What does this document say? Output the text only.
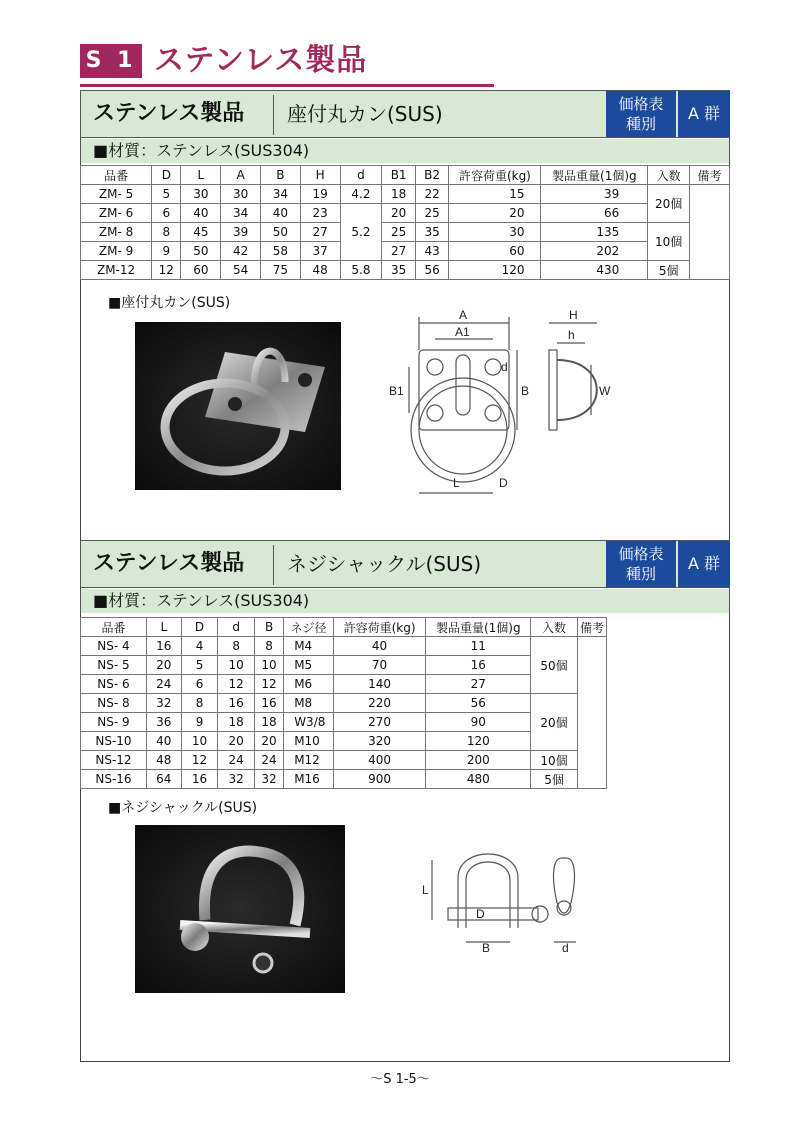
S 1 ステンレス製品
ステンレス製品 座付丸カン(SUS)	価格表
種別
A 群
■材質：ステンレス(SUS304)
品番	D	L	A	B	H	d	B1	B2	許容荷重(kg)	製品重量(1個)g	入数	備考
ZM- 5	5	30	30	34	19	4.2	18	22	15	39	20個	
ZM- 6	6	40	34	40	23	5.2	20	25	20	66		
ZM- 8	8	45	39	50	27		25	35	30	135	10個	
ZM- 9	9	50	42	58	37		27	43	60	202		
ZM-12	12	60	54	75	48	5.8	35	56	120	430	5個	
■座付丸カン(SUS)
A
A1
B1	B
d
L	D
H
h
W
ステンレス製品 ネジシャックル(SUS)	価格表
種別
A 群
■材質：ステンレス(SUS304)
品番	L	D	d	B	ネジ径	許容荷重(kg)	製品重量(1個)g	入数	備考
NS- 4	16	4	8	8	M4	40	11	50個	
NS- 5	20	5	10	10	M5	70	16		
NS- 6	24	6	12	12	M6	140	27		
NS- 8	32	8	16	16	M8	220	56	20個	
NS- 9	36	9	18	18	W3/8	270	90		
NS-10	40	10	20	20	M10	320	120		
NS-12	48	12	24	24	M12	400	200	10個	
NS-16	64	16	32	32	M16	900	480	5個	
■ネジシャックル(SUS)
L
D
B	d
～S 1-5～
